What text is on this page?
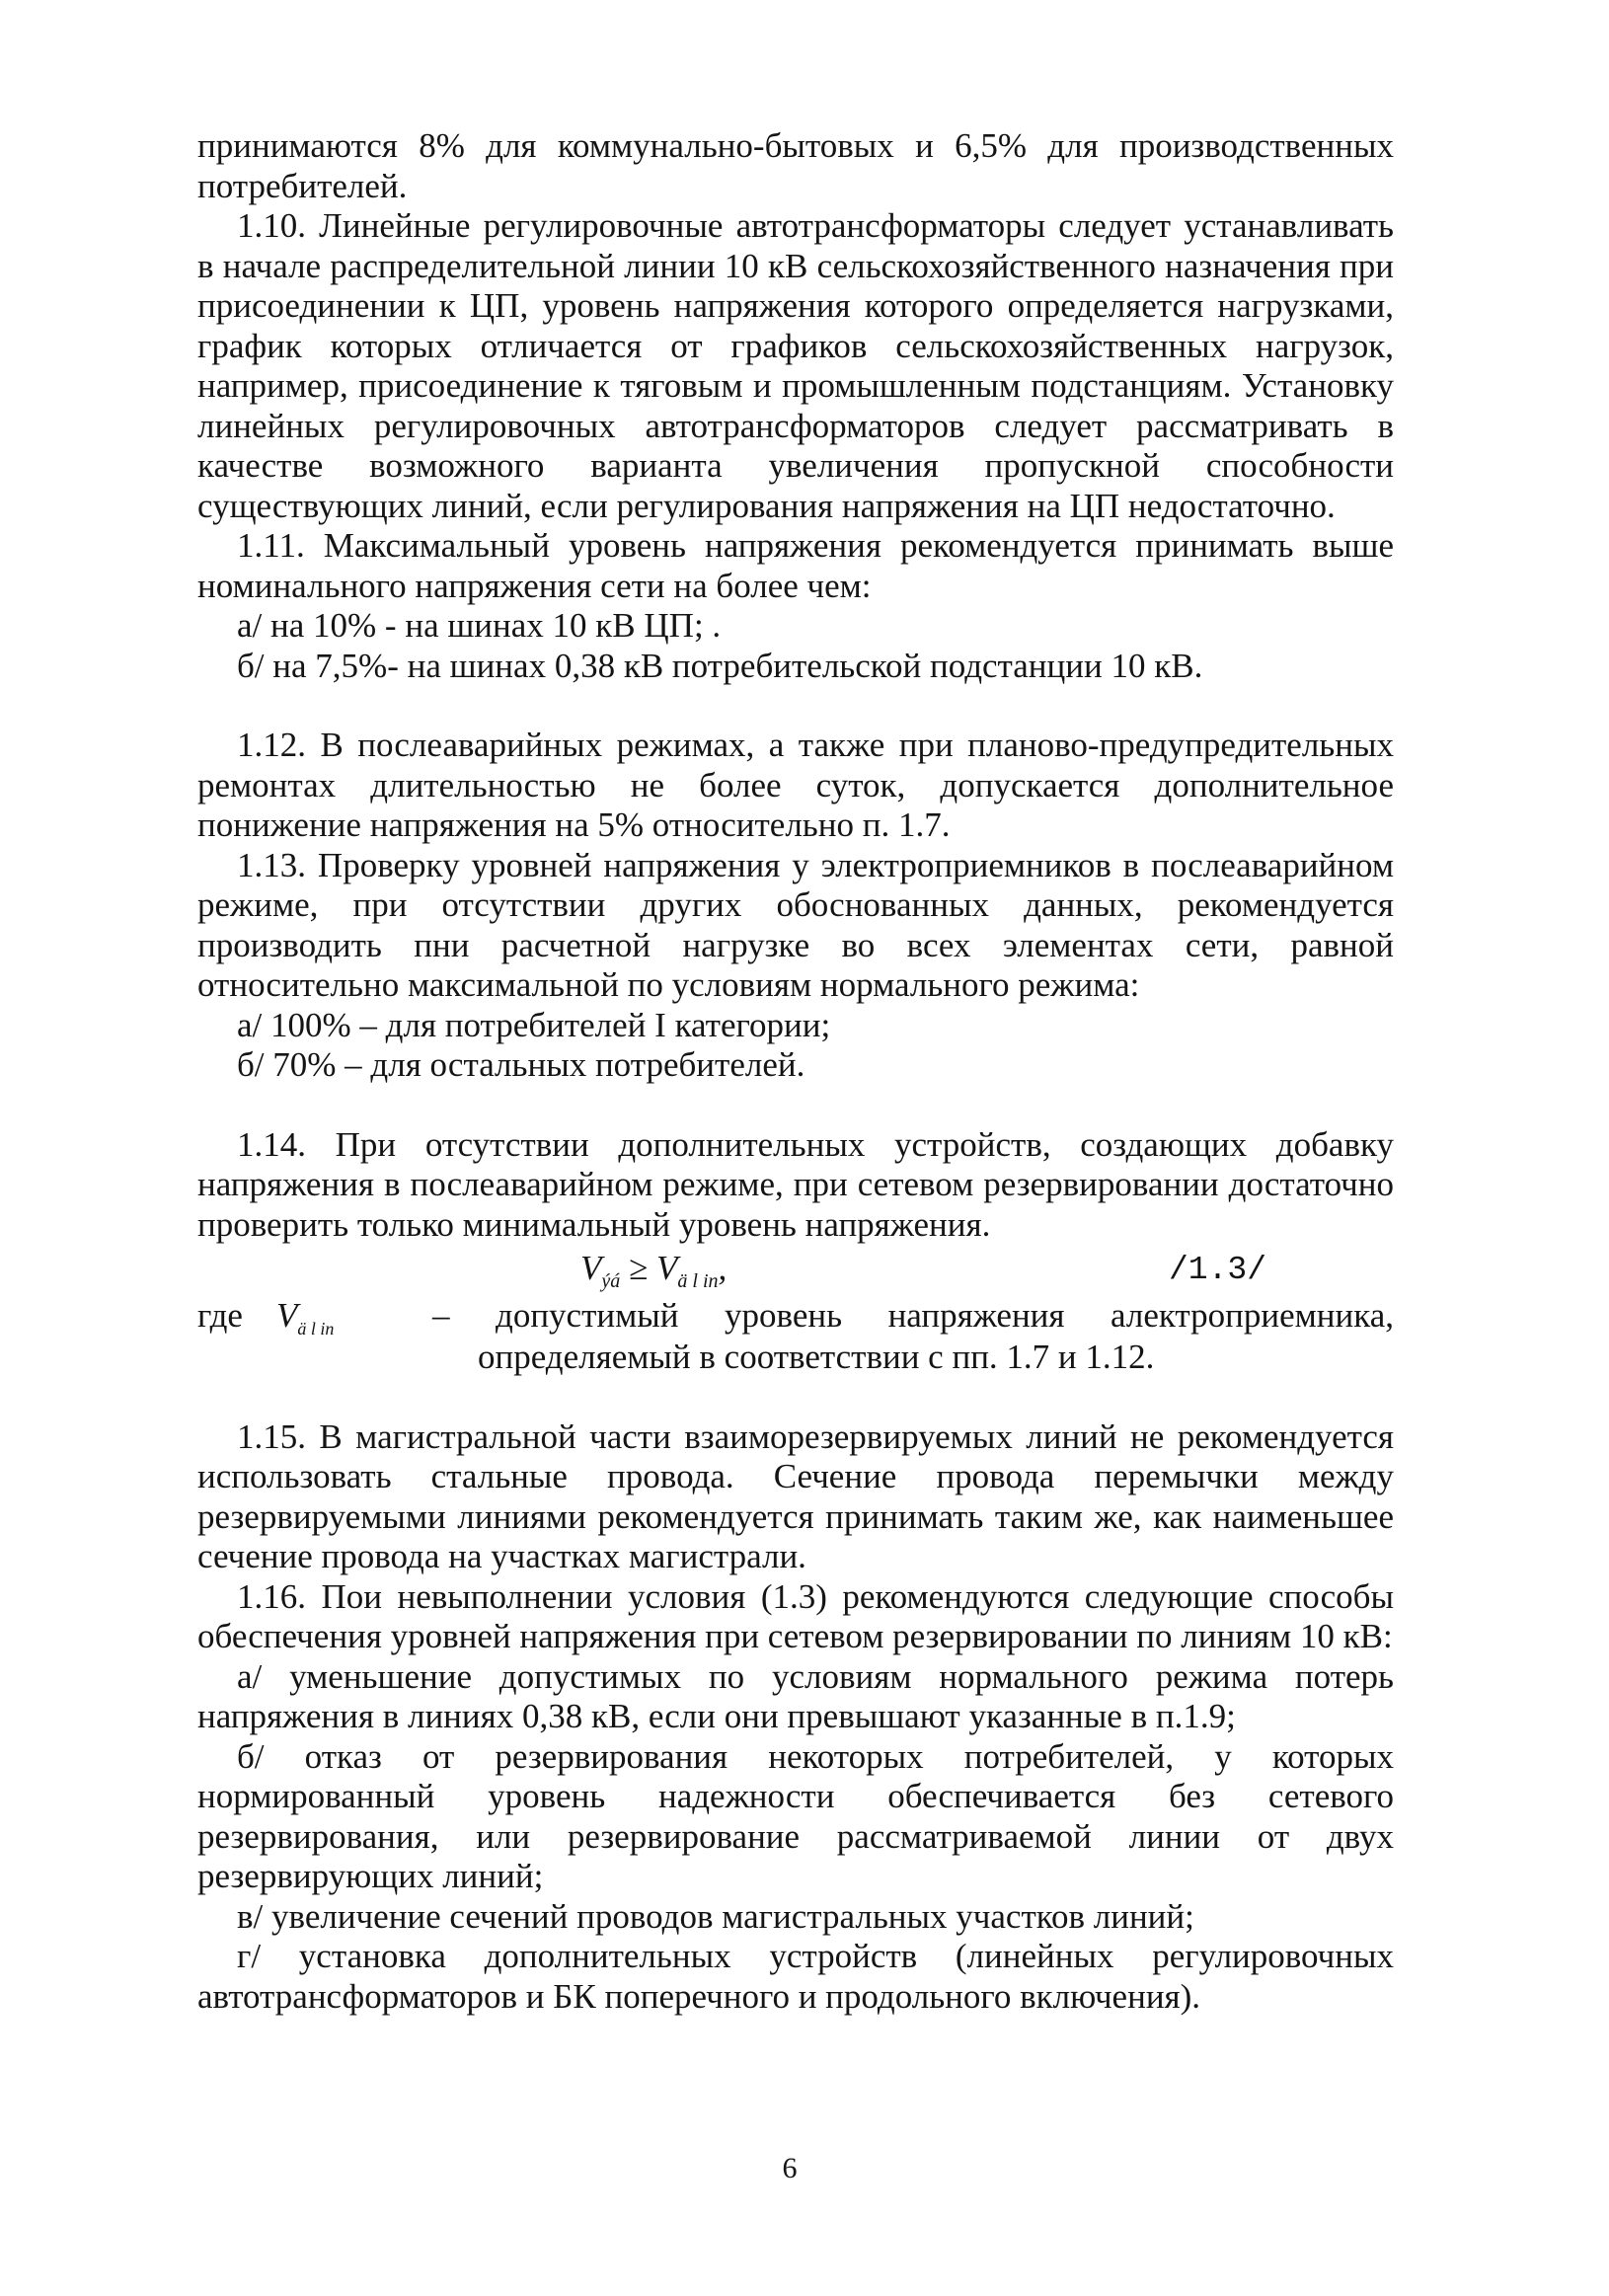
принимаются 8% для коммунально-бытовых и 6,5% для производственных потребителей.

1.10. Линейные регулировочные автотрансформаторы следует устанавливать в начале распределительной линии 10 кВ сельскохозяйственного назначения при присоединении к ЦП, уровень напряжения которого определяется нагрузками, график которых отличается от графиков сельскохозяйственных нагрузок, например, присоединение к тяговым и промышленным подстанциям. Установку линейных регулировочных автотрансформаторов следует рассматривать в качестве возможного варианта увеличения пропускной способности существующих линий, если регулирования напряжения на ЦП недостаточно.

1.11. Максимальный уровень напряжения рекомендуется принимать выше номинального напряжения сети на более чем:

а/ на 10% - на шинах 10 кВ ЦП; .

б/ на 7,5%- на шинах 0,38 кВ потребительской подстанции 10 кВ.

1.12. В послеаварийных режимах, а также при планово-предупредительных ремонтах длительностью не более суток, допускается дополнительное понижение напряжения на 5% относительно п. 1.7.

1.13. Проверку уровней напряжения у электроприемников в послеаварийном режиме, при отсутствии других обоснованных данных, рекомендуется производить пни расчетной нагрузке во всех элементах сети, равной относительно максимальной по условиям нормального режима:

а/ 100% – для потребителей I категории;

б/ 70% – для остальных потребителей.

1.14. При отсутствии дополнительных устройств, создающих добавку напряжения в послеаварийном режиме, при сетевом резервировании достаточно проверить только минимальный уровень напряжения.

$V_{ýá} \ge V_{ä l in}$,	/1.3/
где $V_{ä l in}$	– допустимый уровень напряжения алектроприемника,

определяемый в соответствии с пп. 1.7 и 1.12.

1.15. В магистральной части взаиморезервируемых линий не рекомендуется использовать стальные провода. Сечение провода перемычки между резервируемыми линиями рекомендуется принимать таким же, как наименьшее сечение провода на участках магистрали.

1.16. Пои невыполнении условия (1.3) рекомендуются следующие способы обеспечения уровней напряжения при сетевом резервировании по линиям 10 кВ:

а/ уменьшение допустимых по условиям нормального режима потерь напряжения в линиях 0,38 кВ, если они превышают указанные в п.1.9;

б/ отказ от резервирования некоторых потребителей, у которых нормированный уровень надежности обеспечивается без сетевого резервирования, или резервирование рассматриваемой линии от двух резервирующих линий;

в/ увеличение сечений проводов магистральных участков линий;

г/ установка дополнительных устройств (линейных регулировочных автотрансформаторов и БК поперечного и продольного включения).

6
